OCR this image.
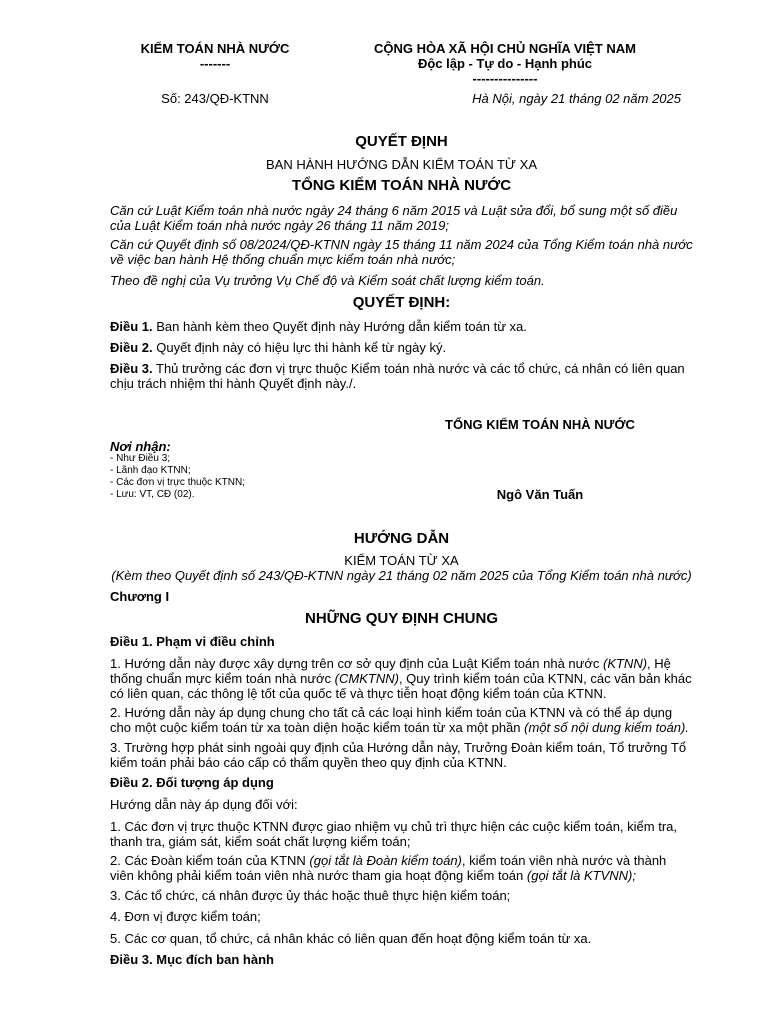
KIỂM TOÁN NHÀ NƯỚC
-------
CỘNG HÒA XÃ HỘI CHỦ NGHĨA VIỆT NAM
Độc lập - Tự do - Hạnh phúc
---------------
Số: 243/QĐ-KTNN	Hà Nội, ngày 21 tháng 02 năm 2025
QUYẾT ĐỊNH
BAN HÀNH HƯỚNG DẪN KIỂM TOÁN TỪ XA
TỔNG KIỂM TOÁN NHÀ NƯỚC

Căn cứ Luật Kiểm toán nhà nước ngày 24 tháng 6 năm 2015 và Luật sửa đổi, bổ sung một số điều của Luật Kiểm toán nhà nước ngày 26 tháng 11 năm 2019;

Căn cứ Quyết định số 08/2024/QĐ-KTNN ngày 15 tháng 11 năm 2024 của Tổng Kiểm toán nhà nước về việc ban hành Hệ thống chuẩn mực kiểm toán nhà nước;

Theo đề nghị của Vụ trưởng Vụ Chế độ và Kiểm soát chất lượng kiểm toán.

QUYẾT ĐỊNH:

Điều 1. Ban hành kèm theo Quyết định này Hướng dẫn kiểm toán từ xa.

Điều 2. Quyết định này có hiệu lực thi hành kể từ ngày ký.

Điều 3. Thủ trưởng các đơn vị trực thuộc Kiểm toán nhà nước và các tổ chức, cá nhân có liên quan chịu trách nhiệm thi hành Quyết định này./.

TỔNG KIỂM TOÁN NHÀ NƯỚC
Ngô Văn Tuấn
Nơi nhận:
- Như Điều 3;
- Lãnh đạo KTNN;
- Các đơn vị trực thuộc KTNN;
- Lưu: VT, CĐ (02).
HƯỚNG DẪN
KIỂM TOÁN TỪ XA
(Kèm theo Quyết định số 243/QĐ-KTNN ngày 21 tháng 02 năm 2025 của Tổng Kiểm toán nhà nước)
Chương I
NHỮNG QUY ĐỊNH CHUNG

Điều 1. Phạm vi điều chỉnh

1. Hướng dẫn này được xây dựng trên cơ sở quy định của Luật Kiểm toán nhà nước (KTNN), Hệ thống chuẩn mực kiểm toán nhà nước (CMKTNN), Quy trình kiểm toán của KTNN, các văn bản khác có liên quan, các thông lệ tốt của quốc tế và thực tiễn hoạt động kiểm toán của KTNN.

2. Hướng dẫn này áp dụng chung cho tất cả các loại hình kiểm toán của KTNN và có thể áp dụng cho một cuộc kiểm toán từ xa toàn diện hoặc kiểm toán từ xa một phần (một số nội dung kiểm toán).

3. Trường hợp phát sinh ngoài quy định của Hướng dẫn này, Trưởng Đoàn kiểm toán, Tổ trưởng Tổ kiểm toán phải báo cáo cấp có thẩm quyền theo quy định của KTNN.

Điều 2. Đối tượng áp dụng

Hướng dẫn này áp dụng đối với:

1. Các đơn vị trực thuộc KTNN được giao nhiệm vụ chủ trì thực hiện các cuộc kiểm toán, kiểm tra, thanh tra, giám sát, kiểm soát chất lượng kiểm toán;

2. Các Đoàn kiểm toán của KTNN (gọi tắt là Đoàn kiểm toán), kiểm toán viên nhà nước và thành viên không phải kiểm toán viên nhà nước tham gia hoạt động kiểm toán (gọi tắt là KTVNN);

3. Các tổ chức, cá nhân được ủy thác hoặc thuê thực hiện kiểm toán;

4. Đơn vị được kiểm toán;

5. Các cơ quan, tổ chức, cá nhân khác có liên quan đến hoạt động kiểm toán từ xa.

Điều 3. Mục đích ban hành
